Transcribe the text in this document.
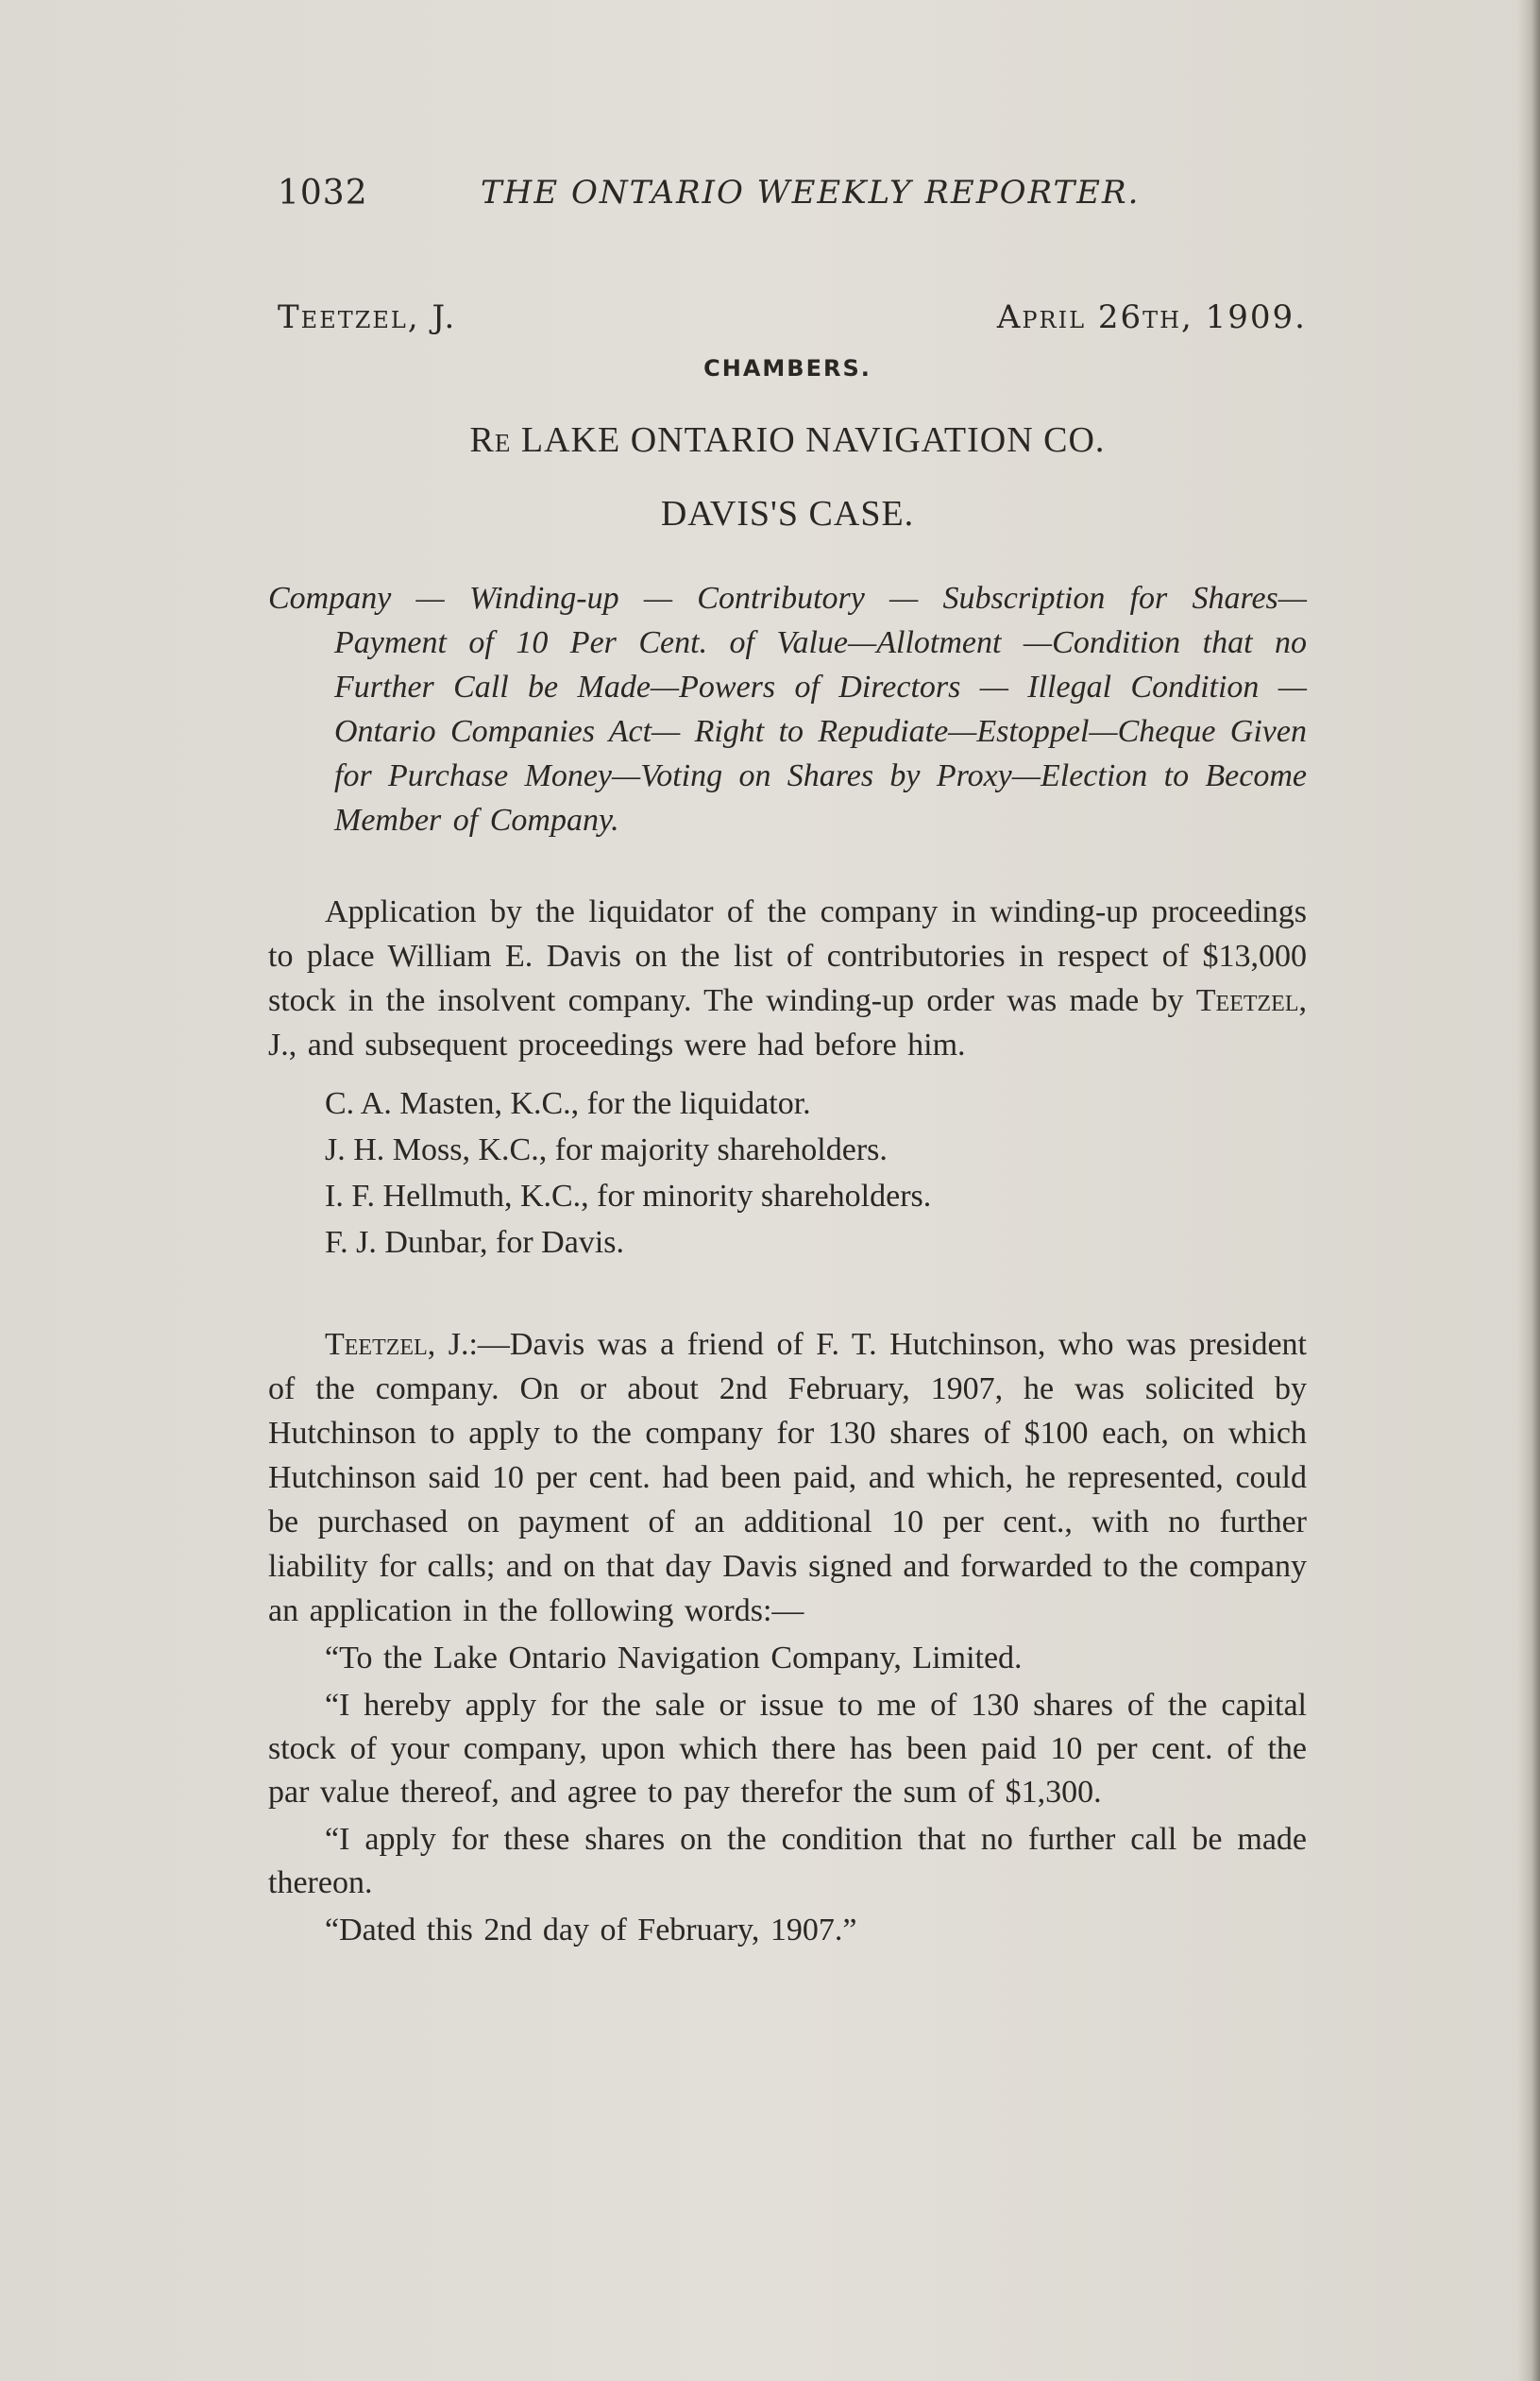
1032	THE ONTARIO WEEKLY REPORTER.
Teetzel, J.	April 26th, 1909.
CHAMBERS.
Re LAKE ONTARIO NAVIGATION CO.
DAVIS'S CASE.

Company — Winding-up — Contributory — Subscription for Shares—Payment of 10 Per Cent. of Value—Allotment —Condition that no Further Call be Made—Powers of Directors — Illegal Condition — Ontario Companies Act— Right to Repudiate—Estoppel—Cheque Given for Purchase Money—Voting on Shares by Proxy—Election to Become Member of Company.

Application by the liquidator of the company in winding-up proceedings to place William E. Davis on the list of contributories in respect of $13,000 stock in the insolvent company. The winding-up order was made by Teetzel, J., and subsequent proceedings were had before him.

C. A. Masten, K.C., for the liquidator.
J. H. Moss, K.C., for majority shareholders.
I. F. Hellmuth, K.C., for minority shareholders.
F. J. Dunbar, for Davis.

Teetzel, J.:—Davis was a friend of F. T. Hutchinson, who was president of the company. On or about 2nd February, 1907, he was solicited by Hutchinson to apply to the company for 130 shares of $100 each, on which Hutchinson said 10 per cent. had been paid, and which, he represented, could be purchased on payment of an additional 10 per cent., with no further liability for calls; and on that day Davis signed and forwarded to the company an application in the following words:—

“To the Lake Ontario Navigation Company, Limited.

“I hereby apply for the sale or issue to me of 130 shares of the capital stock of your company, upon which there has been paid 10 per cent. of the par value thereof, and agree to pay therefor the sum of $1,300.

“I apply for these shares on the condition that no further call be made thereon.

“Dated this 2nd day of February, 1907.”
